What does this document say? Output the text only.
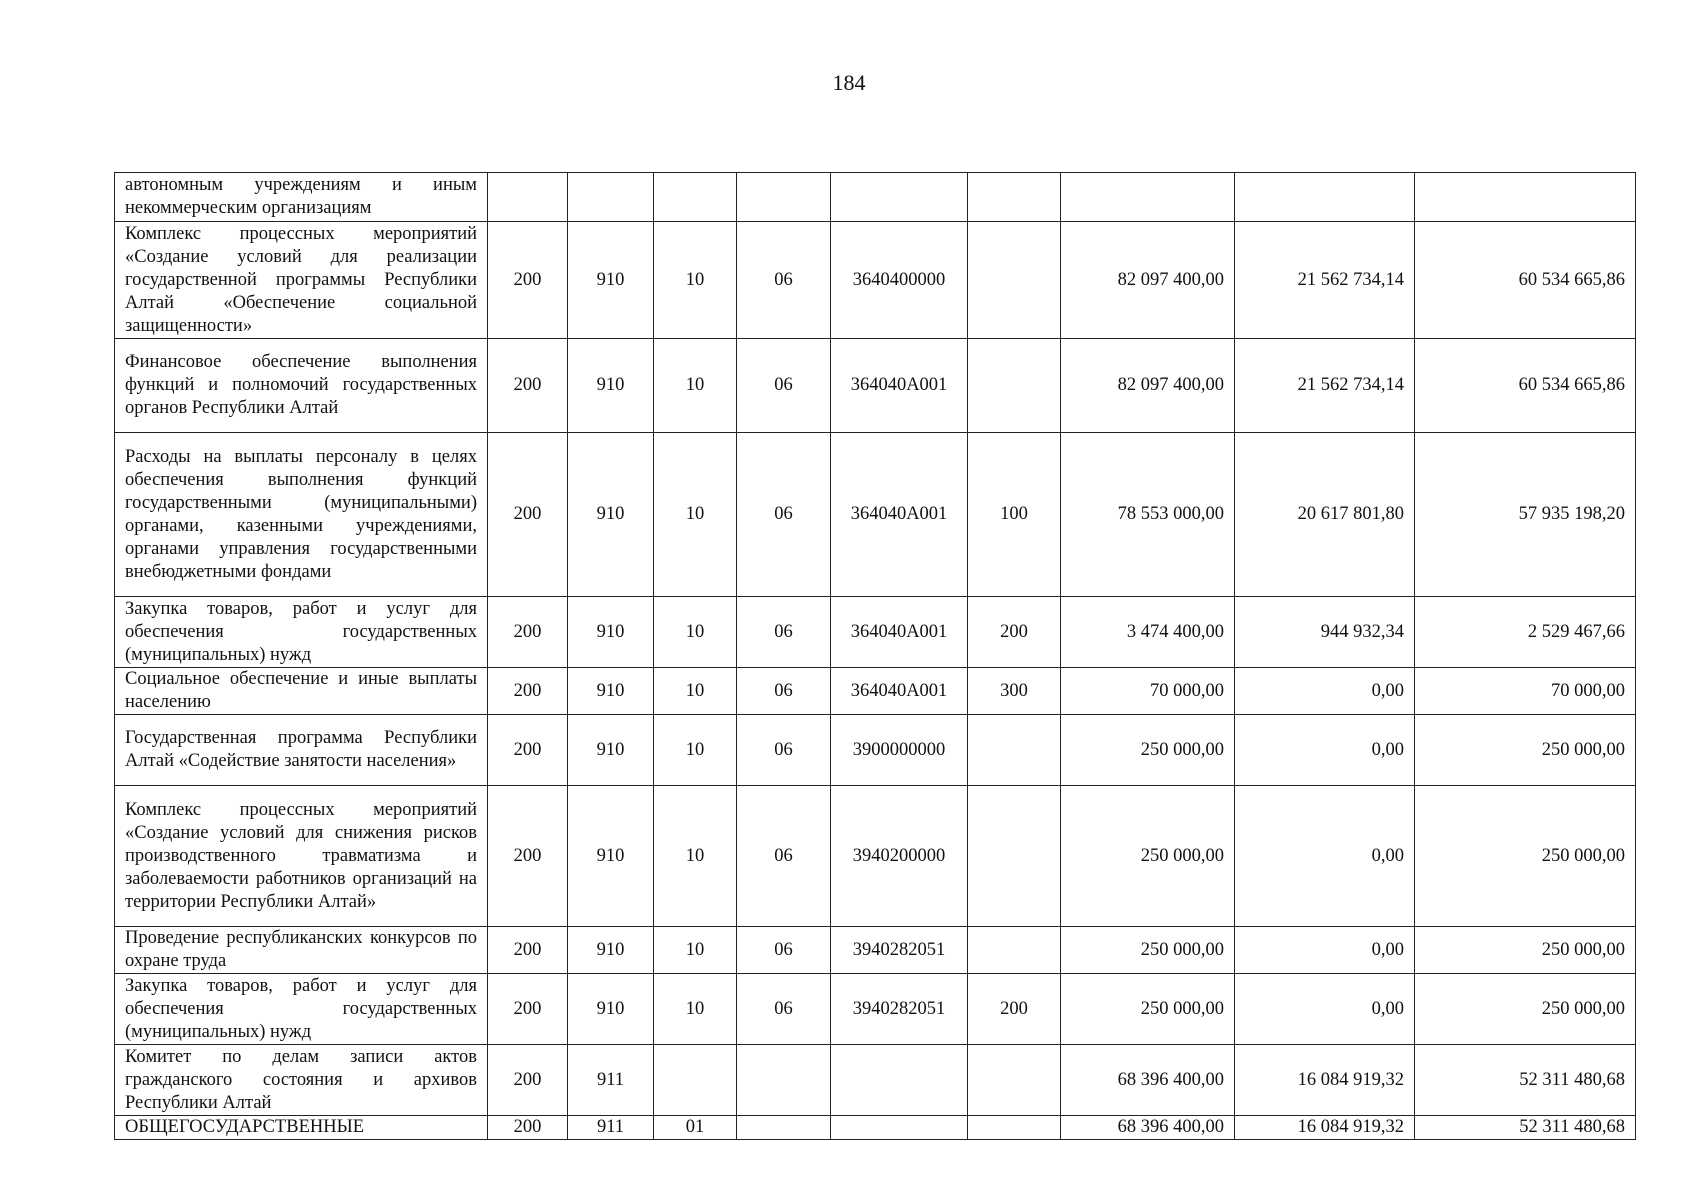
184
автономным учреждениям и иным некоммерческим организациям									
Комплекс процессных мероприятий «Создание условий для реализации государственной программы Республики Алтай «Обеспечение социальной защищенности»	200	910	10	06	3640400000		82 097 400,00	21 562 734,14	60 534 665,86
Финансовое обеспечение выполнения функций и полномочий государственных органов Республики Алтай	200	910	10	06	364040A001		82 097 400,00	21 562 734,14	60 534 665,86
Расходы на выплаты персоналу в целях обеспечения выполнения функций государственными (муниципальными) органами, казенными учреждениями, органами управления государственными внебюджетными фондами	200	910	10	06	364040A001	100	78 553 000,00	20 617 801,80	57 935 198,20
Закупка товаров, работ и услуг для обеспечения государственных (муниципальных) нужд	200	910	10	06	364040A001	200	3 474 400,00	944 932,34	2 529 467,66
Социальное обеспечение и иные выплаты населению	200	910	10	06	364040A001	300	70 000,00	0,00	70 000,00
Государственная программа Республики Алтай «Содействие занятости населения»	200	910	10	06	3900000000		250 000,00	0,00	250 000,00
Комплекс процессных мероприятий «Создание условий для снижения рисков производственного травматизма и заболеваемости работников организаций на территории Республики Алтай»	200	910	10	06	3940200000		250 000,00	0,00	250 000,00
Проведение республиканских конкурсов по охране труда	200	910	10	06	3940282051		250 000,00	0,00	250 000,00
Закупка товаров, работ и услуг для обеспечения государственных (муниципальных) нужд	200	910	10	06	3940282051	200	250 000,00	0,00	250 000,00
Комитет по делам записи актов гражданского состояния и архивов Республики Алтай	200	911					68 396 400,00	16 084 919,32	52 311 480,68
ОБЩЕГОСУДАРСТВЕННЫЕ	200	911	01				68 396 400,00	16 084 919,32	52 311 480,68
